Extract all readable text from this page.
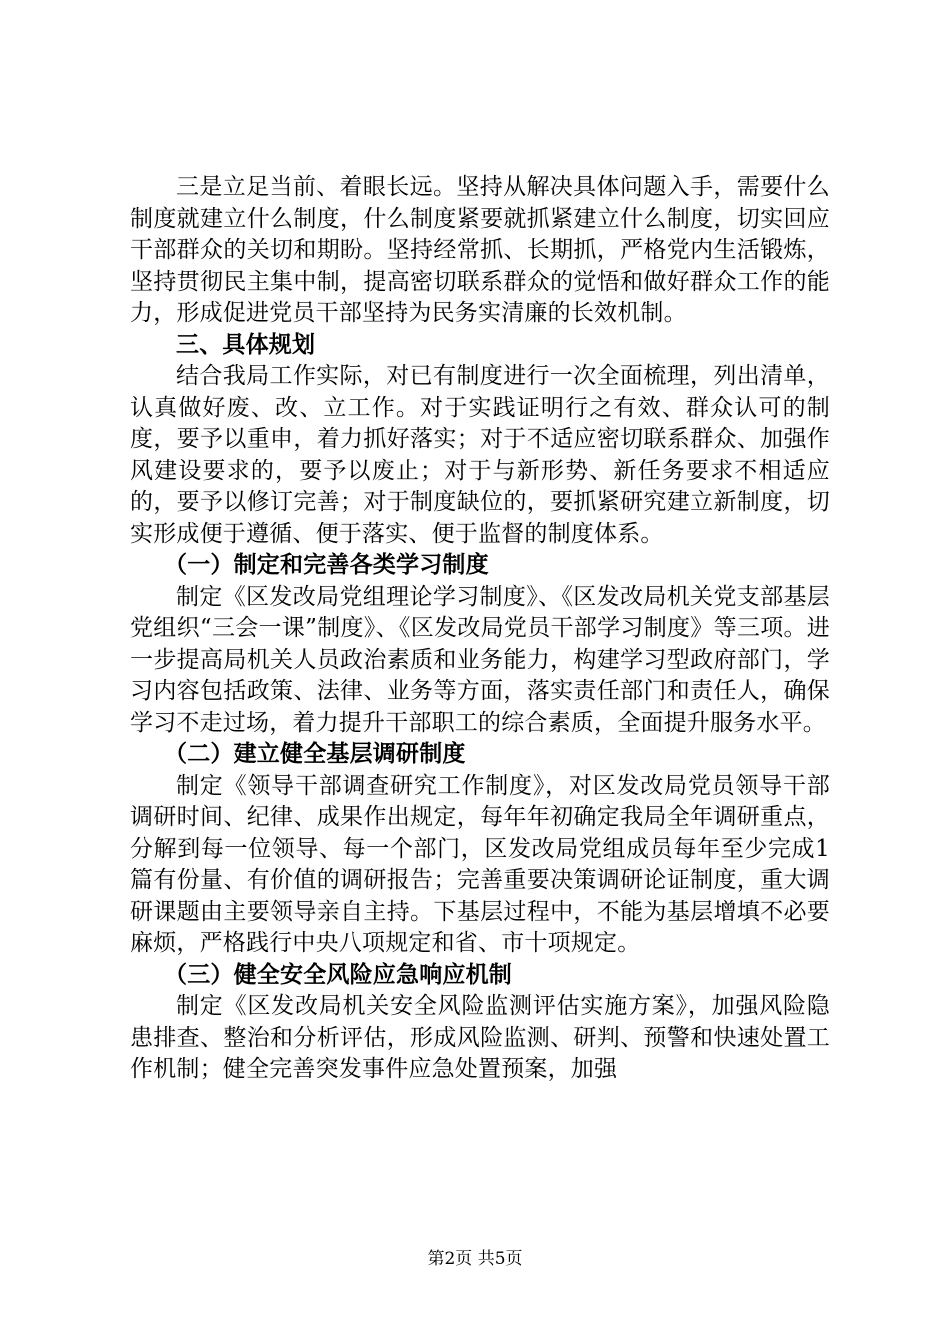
三是立足当前、着眼长远。坚持从解决具体问题入手，需要什么制度就建立什么制度，什么制度紧要就抓紧建立什么制度，切实回应干部群众的关切和期盼。坚持经常抓、长期抓，严格党内生活锻炼，坚持贯彻民主集中制，提高密切联系群众的觉悟和做好群众工作的能力，形成促进党员干部坚持为民务实清廉的长效机制。

三、具体规划

结合我局工作实际，对已有制度进行一次全面梳理，列出清单，认真做好废、改、立工作。对于实践证明行之有效、群众认可的制度，要予以重申，着力抓好落实；对于不适应密切联系群众、加强作风建设要求的，要予以废止；对于与新形势、新任务要求不相适应的，要予以修订完善；对于制度缺位的，要抓紧研究建立新制度，切实形成便于遵循、便于落实、便于监督的制度体系。

（一）制定和完善各类学习制度

制定《区发改局党组理论学习制度》、《区发改局机关党支部基层党组织“三会一课”制度》、《区发改局党员干部学习制度》等三项。进一步提高局机关人员政治素质和业务能力，构建学习型政府部门，学习内容包括政策、法律、业务等方面，落实责任部门和责任人，确保学习不走过场，着力提升干部职工的综合素质，全面提升服务水平。

（二）建立健全基层调研制度

制定《领导干部调查研究工作制度》，对区发改局党员领导干部调研时间、纪律、成果作出规定，每年年初确定我局全年调研重点，分解到每一位领导、每一个部门，区发改局党组成员每年至少完成1篇有份量、有价值的调研报告；完善重要决策调研论证制度，重大调研课题由主要领导亲自主持。下基层过程中，不能为基层增填不必要麻烦，严格践行中央八项规定和省、市十项规定。

（三）健全安全风险应急响应机制

制定《区发改局机关安全风险监测评估实施方案》，加强风险隐患排查、整治和分析评估，形成风险监测、研判、预警和快速处置工作机制；健全完善突发事件应急处置预案，加强

第2页 共5页
